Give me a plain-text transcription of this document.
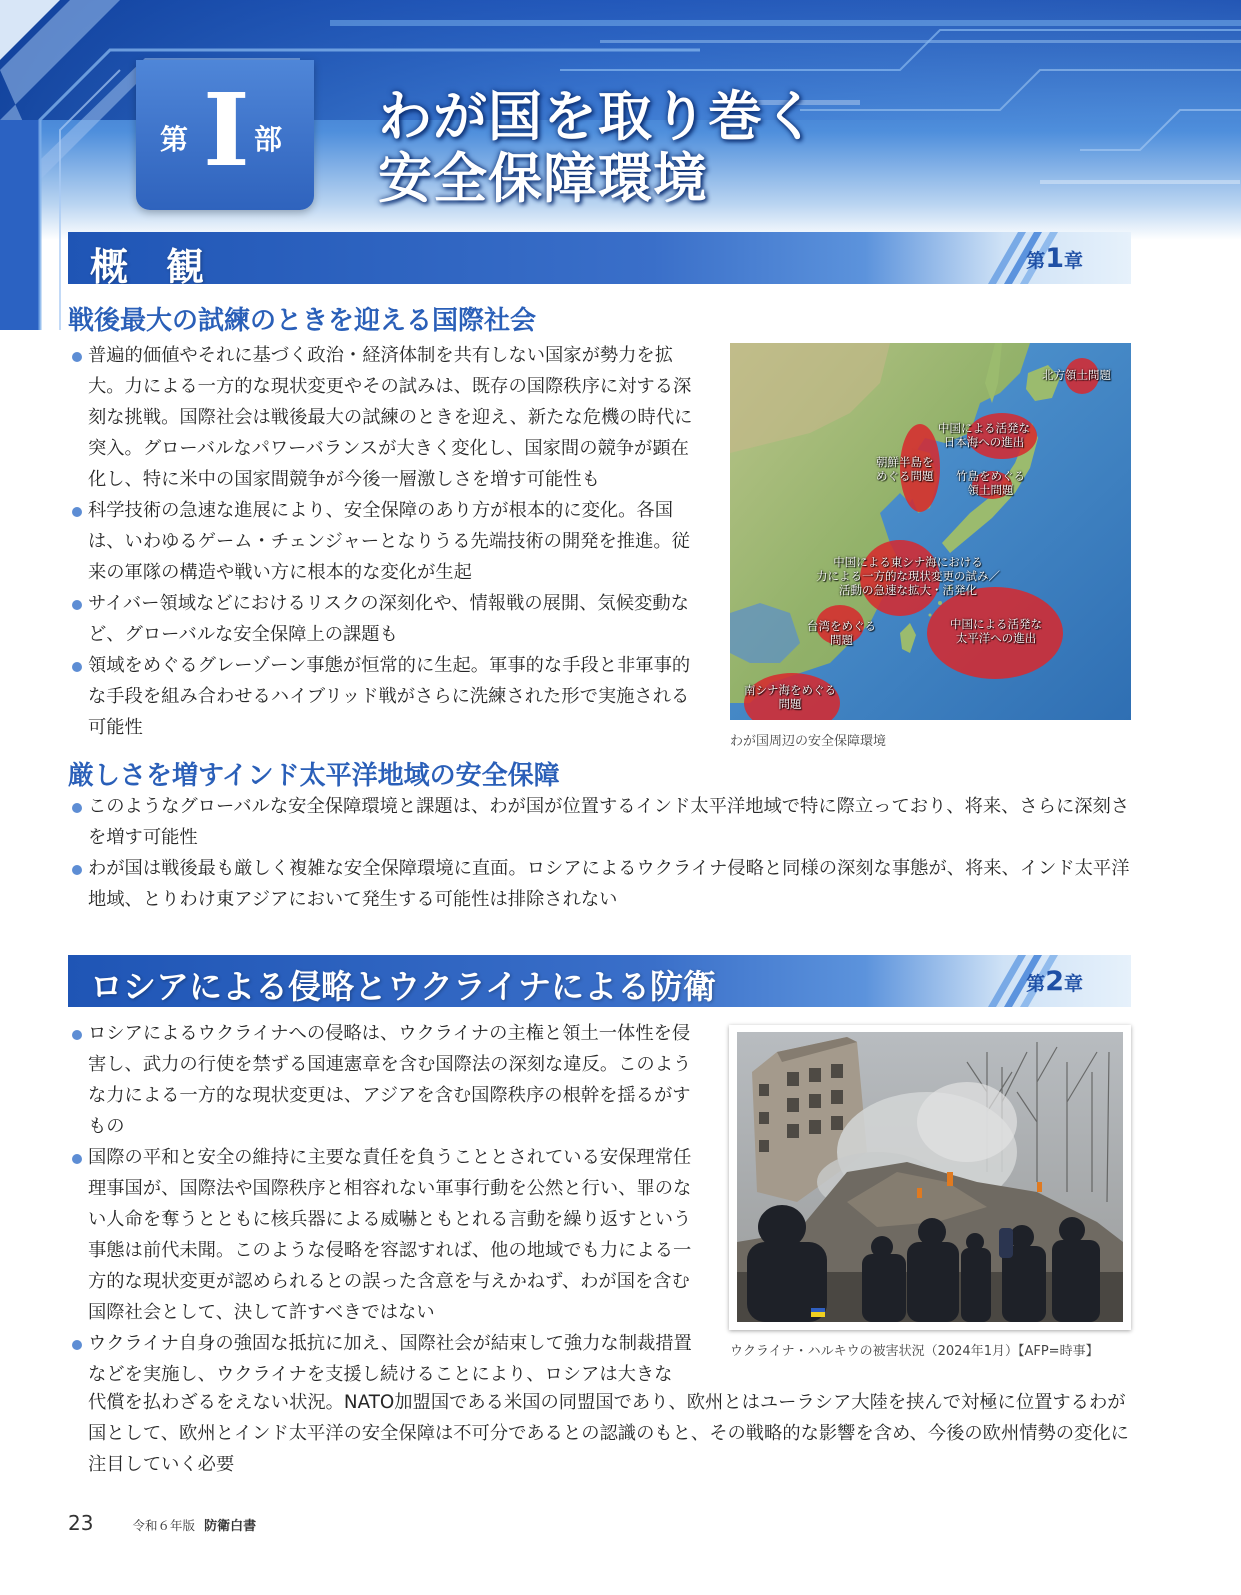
第 I 部 わが国を取り巻く
安全保障環境
概　観	第1章
戦後最大の試練のときを迎える国際社会
普遍的価値やそれに基づく政治・経済体制を共有しない国家が勢力を拡大。力による一方的な現状変更やその試みは、既存の国際秩序に対する深刻な挑戦。国際社会は戦後最大の試練のときを迎え、新たな危機の時代に突入。グローバルなパワーバランスが大きく変化し、国家間の競争が顕在化し、特に米中の国家間競争が今後一層激しさを増す可能性も
科学技術の急速な進展により、安全保障のあり方が根本的に変化。各国は、いわゆるゲーム・チェンジャーとなりうる先端技術の開発を推進。従来の軍隊の構造や戦い方に根本的な変化が生起
サイバー領域などにおけるリスクの深刻化や、情報戦の展開、気候変動など、グローバルな安全保障上の課題も
領域をめぐるグレーゾーン事態が恒常的に生起。軍事的な手段と非軍事的な手段を組み合わせるハイブリッド戦がさらに洗練された形で実施される可能性
北方領土問題
中国による活発な
日本海への進出
朝鮮半島を
めぐる問題 竹島をめぐる
領土問題
中国による東シナ海における
力による一方的な現状変更の試み／
活動の急速な拡大・活発化
台湾をめぐる
問題
中国による活発な
太平洋への進出
南シナ海をめぐる
問題
わが国周辺の安全保障環境
厳しさを増すインド太平洋地域の安全保障
このようなグローバルな安全保障環境と課題は、わが国が位置するインド太平洋地域で特に際立っており、将来、さらに深刻さを増す可能性
わが国は戦後最も厳しく複雑な安全保障環境に直面。ロシアによるウクライナ侵略と同様の深刻な事態が、将来、インド太平洋地域、とりわけ東アジアにおいて発生する可能性は排除されない
ロシアによる侵略とウクライナによる防衛	第2章
ロシアによるウクライナへの侵略は、ウクライナの主権と領土一体性を侵害し、武力の行使を禁ずる国連憲章を含む国際法の深刻な違反。このような力による一方的な現状変更は、アジアを含む国際秩序の根幹を揺るがすもの
国際の平和と安全の維持に主要な責任を負うこととされている安保理常任理事国が、国際法や国際秩序と相容れない軍事行動を公然と行い、罪のない人命を奪うとともに核兵器による威嚇ともとれる言動を繰り返すという事態は前代未聞。このような侵略を容認すれば、他の地域でも力による一方的な現状変更が認められるとの誤った含意を与えかねず、わが国を含む国際社会として、決して許すべきではない
ウクライナ自身の強固な抵抗に加え、国際社会が結束して強力な制裁措置などを実施し、ウクライナを支援し続けることにより、ロシアは大きな
代償を払わざるをえない状況。NATO加盟国である米国の同盟国であり、欧州とはユーラシア大陸を挟んで対極に位置するわが国として、欧州とインド太平洋の安全保障は不可分であるとの認識のもと、その戦略的な影響を含め、今後の欧州情勢の変化に注目していく必要
ウクライナ・ハルキウの被害状況（2024年1月）【AFP=時事】
23	令和６年版 防衛白書
